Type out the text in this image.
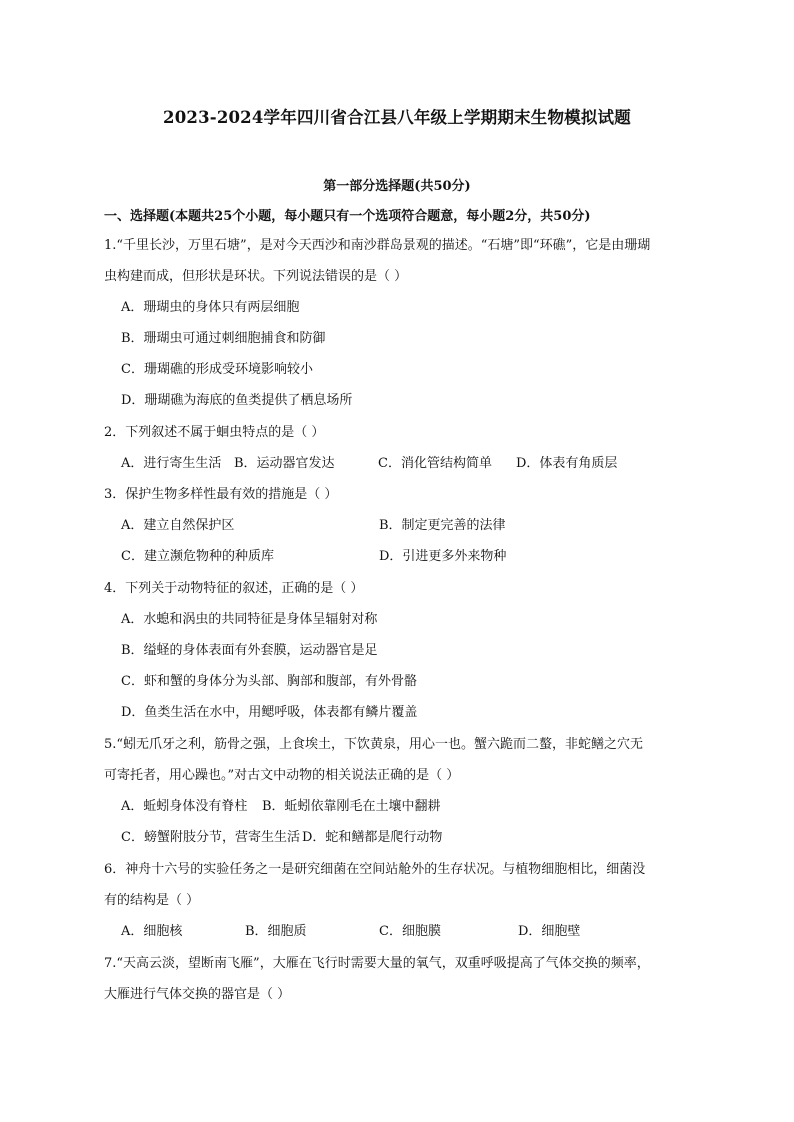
2023-2024学年四川省合江县八年级上学期期末生物模拟试题
第一部分选择题(共50分)
一、选择题(本题共25个小题，每小题只有一个选项符合题意，每小题2分，共50分)
1.“千里长沙，万里石塘”，是对今天西沙和南沙群岛景观的描述。“石塘”即“环礁”，它是由珊瑚
虫构建而成，但形状是环状。下列说法错误的是（ ）
A．珊瑚虫的身体只有两层细胞
B．珊瑚虫可通过刺细胞捕食和防御
C．珊瑚礁的形成受环境影响较小
D．珊瑚礁为海底的鱼类提供了栖息场所
2．下列叙述不属于蛔虫特点的是（ ）
A．进行寄生生活 B．运动器官发达	C．消化管结构简单 D．体表有角质层
3．保护生物多样性最有效的措施是（ ）
A．建立自然保护区	B．制定更完善的法律
C．建立濒危物种的种质库	D．引进更多外来物种
4．下列关于动物特征的叙述，正确的是（ ）
A．水螅和涡虫的共同特征是身体呈辐射对称
B．缢蛏的身体表面有外套膜，运动器官是足
C．虾和蟹的身体分为头部、胸部和腹部，有外骨骼
D．鱼类生活在水中，用鳃呼吸，体表都有鳞片覆盖
5.“蚓无爪牙之利，筋骨之强，上食埃土，下饮黄泉，用心一也。蟹六跪而二螯，非蛇鳝之穴无
可寄托者，用心躁也。”对古文中动物的相关说法正确的是（ ）
A．蚯蚓身体没有脊柱 B．蚯蚓依靠刚毛在土壤中翻耕
C．螃蟹附肢分节，营寄生生活 D．蛇和鳝都是爬行动物
6．神舟十六号的实验任务之一是研究细菌在空间站舱外的生存状况。与植物细胞相比，细菌没
有的结构是（ ）
A．细胞核	B．细胞质	C．细胞膜	D．细胞壁
7.“天高云淡，望断南飞雁”，大雁在飞行时需要大量的氧气，双重呼吸提高了气体交换的频率，
大雁进行气体交换的器官是（ ）
